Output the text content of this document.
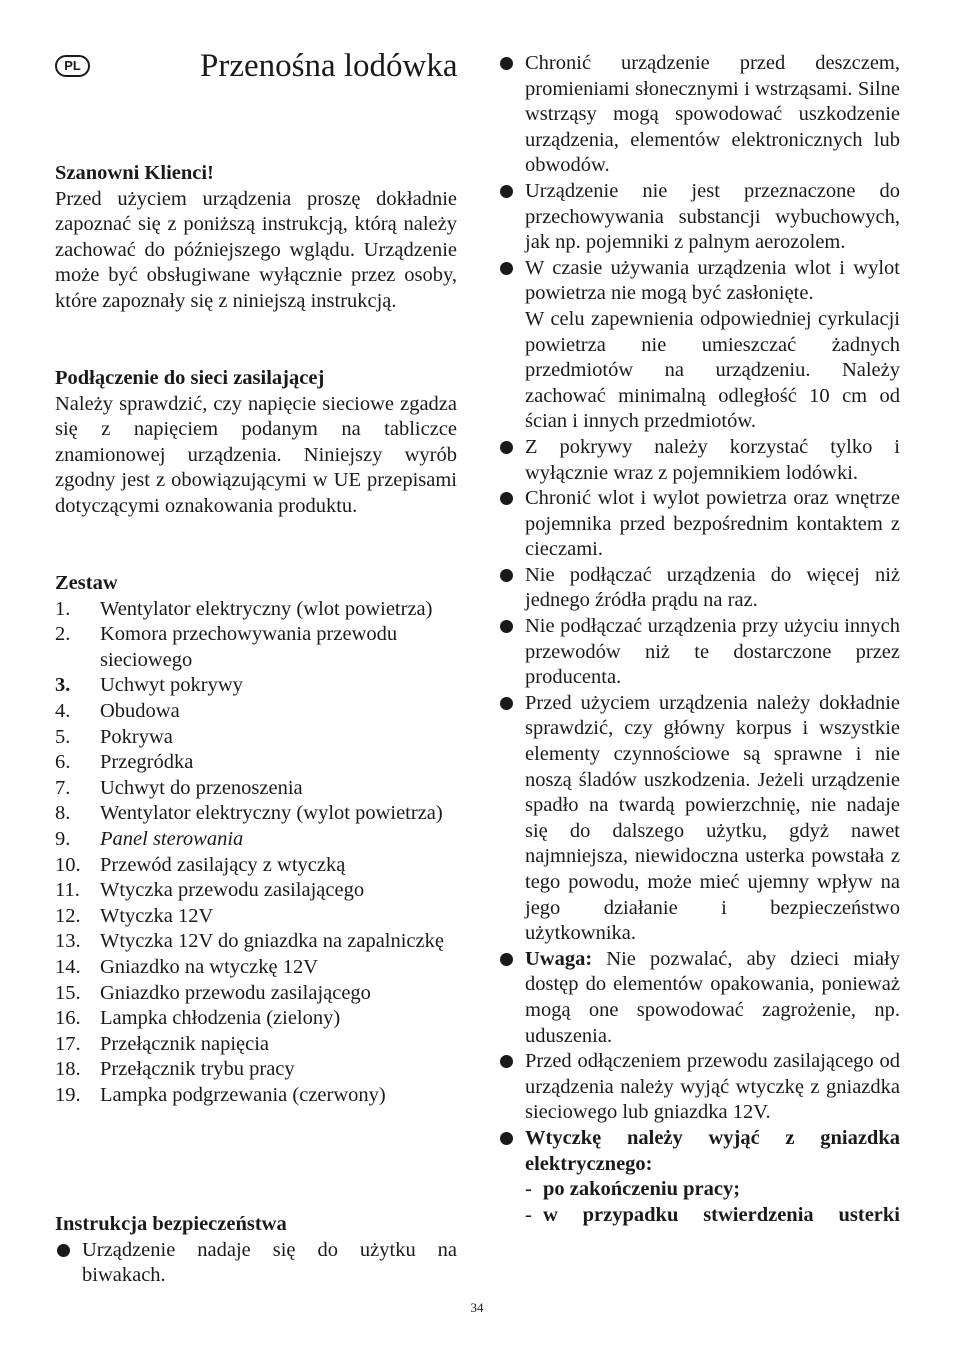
PL	Przenośna lodówka
Szanowni Klienci!
Przed użyciem urządzenia proszę dokładnie zapoznać się z poniższą instrukcją, którą należy zachować do późniejszego wglądu. Urządzenie może być obsługiwane wyłącznie przez osoby, które zapoznały się z niniejszą instrukcją.
Podłączenie do sieci zasilającej
Należy sprawdzić, czy napięcie sieciowe zgadza się z napięciem podanym na tabliczce znamionowej urządzenia. Niniejszy wyrób zgodny jest z obowiązującymi w UE przepisami dotyczącymi oznakowania produktu.
Zestaw
1.	Wentylator elektryczny (wlot powietrza)
2.	Komora przechowywania przewodu sieciowego
3.	Uchwyt pokrywy
4.	Obudowa
5.	Pokrywa
6.	Przegródka
7.	Uchwyt do przenoszenia
8.	Wentylator elektryczny (wylot powietrza)
9.	Panel sterowania
10. Przewód zasilający z wtyczką
11. Wtyczka przewodu zasilającego
12. Wtyczka 12V
13. Wtyczka 12V do gniazdka na zapalniczkę
14. Gniazdko na wtyczkę 12V
15. Gniazdko przewodu zasilającego
16. Lampka chłodzenia (zielony)
17. Przełącznik napięcia
18. Przełącznik trybu pracy
19. Lampka podgrzewania (czerwony)
Instrukcja bezpieczeństwa
Urządzenie nadaje się do użytku na biwakach.
Chronić urządzenie przed deszczem, promieniami słonecznymi i wstrząsami. Silne wstrząsy mogą spowodować uszkodzenie urządzenia, elementów elektronicznych lub obwodów.
Urządzenie nie jest przeznaczone do przechowywania substancji wybuchowych, jak np. pojemniki z palnym aerozolem.
W czasie używania urządzenia wlot i wylot powietrza nie mogą być zasłonięte.
W celu zapewnienia odpowiedniej cyrkulacji powietrza nie umieszczać żadnych przedmiotów na urządzeniu. Należy zachować minimalną odległość 10 cm od ścian i innych przedmiotów.
Z pokrywy należy korzystać tylko i wyłącznie wraz z pojemnikiem lodówki.
Chronić wlot i wylot powietrza oraz wnętrze pojemnika przed bezpośrednim kontaktem z cieczami.
Nie podłączać urządzenia do więcej niż jednego źródła prądu na raz.
Nie podłączać urządzenia przy użyciu innych przewodów niż te dostarczone przez producenta.
Przed użyciem urządzenia należy dokładnie sprawdzić, czy główny korpus i wszystkie elementy czynnościowe są sprawne i nie noszą śladów uszkodzenia. Jeżeli urządzenie spadło na twardą powierzchnię, nie nadaje się do dalszego użytku, gdyż nawet najmniejsza, niewidoczna usterka powstała z tego powodu, może mieć ujemny wpływ na jego działanie i bezpieczeństwo użytkownika.
Uwaga: Nie pozwalać, aby dzieci miały dostęp do elementów opakowania, ponieważ mogą one spowodować zagrożenie, np. uduszenia.
Przed odłączeniem przewodu zasilającego od urządzenia należy wyjąć wtyczkę z gniazdka sieciowego lub gniazdka 12V.
Wtyczkę należy wyjąć z gniazdka elektrycznego:
- po zakończeniu pracy;
- w przypadku stwierdzenia usterki
34
